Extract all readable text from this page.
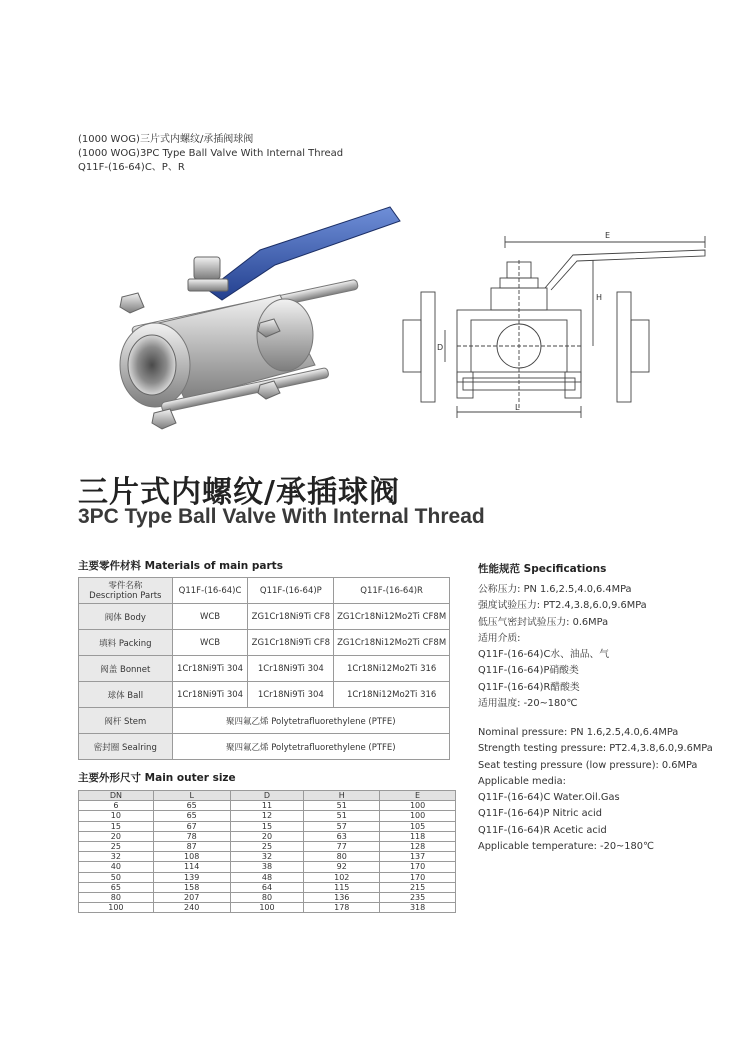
(1000 WOG)三片式内螺纹/承插阀球阀
(1000 WOG)3PC Type Ball Valve With Internal Thread
Q11F-(16-64)C、P、R
E
H
D
L
三片式内螺纹/承插球阀
3PC Type Ball Valve With Internal Thread
主要零件材料 Materials of main parts
零件名称
Description Parts	Q11F-(16-64)C	Q11F-(16-64)P	Q11F-(16-64)R
阀体 Body	WCB	ZG1Cr18Ni9Ti CF8	ZG1Cr18Ni12Mo2Ti CF8M
填料 Packing	WCB	ZG1Cr18Ni9Ti CF8	ZG1Cr18Ni12Mo2Ti CF8M
阀盖 Bonnet	1Cr18Ni9Ti 304	1Cr18Ni9Ti 304	1Cr18Ni12Mo2Ti 316
球体 Ball	1Cr18Ni9Ti 304	1Cr18Ni9Ti 304	1Cr18Ni12Mo2Ti 316
阀杆 Stem	聚四氟乙烯 Polytetrafluorethylene (PTFE)		
密封圈 Sealring	聚四氟乙烯 Polytetrafluorethylene (PTFE)		
主要外形尺寸 Main outer size
DN	L	D	H	E
6	65	11	51	100
10	65	12	51	100
15	67	15	57	105
20	78	20	63	118
25	87	25	77	128
32	108	32	80	137
40	114	38	92	170
50	139	48	102	170
65	158	64	115	215
80	207	80	136	235
100	240	100	178	318
性能规范 Specifications
公称压力: PN 1.6,2.5,4.0,6.4MPa
强度试验压力: PT2.4,3.8,6.0,9.6MPa
低压气密封试验压力: 0.6MPa
适用介质:
Q11F-(16-64)C水、油品、气
Q11F-(16-64)P硝酸类
Q11F-(16-64)R醋酸类
适用温度: -20~180℃
Nominal pressure: PN 1.6,2.5,4.0,6.4MPa
Strength testing pressure: PT2.4,3.8,6.0,9.6MPa
Seat testing pressure (low pressure): 0.6MPa
Applicable media:
Q11F-(16-64)C Water.Oil.Gas
Q11F-(16-64)P Nitric acid
Q11F-(16-64)R Acetic acid
Applicable temperature: -20~180℃
